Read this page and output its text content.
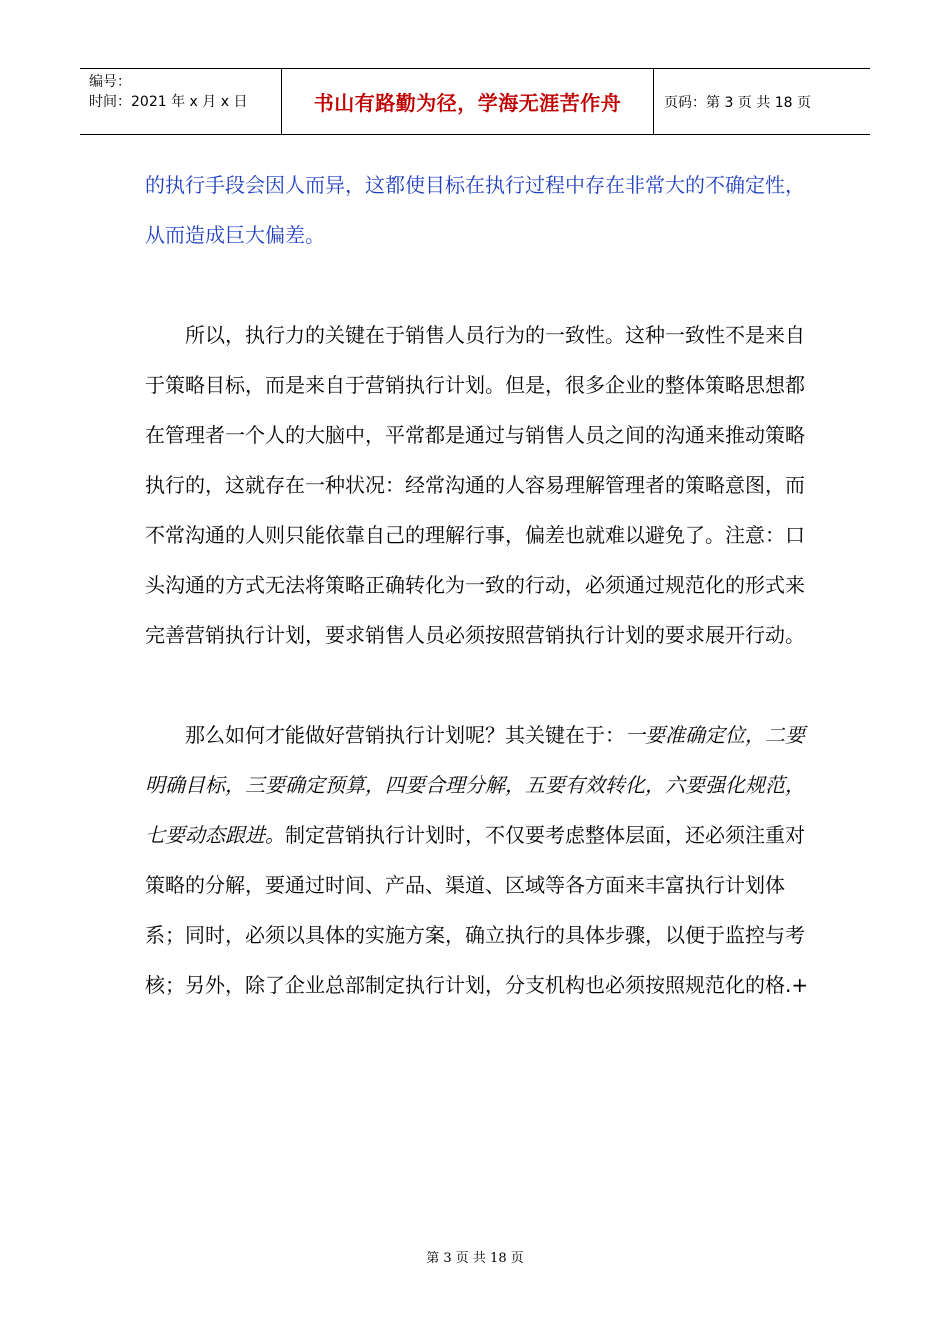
编号：
时间：2021 年 x 月 x 日	书山有路勤为径，学海无涯苦作舟	页码：第 3 页 共 18 页

的执行手段会因人而异，这都使目标在执行过程中存在非常大的不确定性，从而造成巨大偏差。

所以，执行力的关键在于销售人员行为的一致性。这种一致性不是来自于策略目标，而是来自于营销执行计划。但是，很多企业的整体策略思想都在管理者一个人的大脑中，平常都是通过与销售人员之间的沟通来推动策略执行的，这就存在一种状况：经常沟通的人容易理解管理者的策略意图，而不常沟通的人则只能依靠自己的理解行事，偏差也就难以避免了。注意：口头沟通的方式无法将策略正确转化为一致的行动，必须通过规范化的形式来完善营销执行计划，要求销售人员必须按照营销执行计划的要求展开行动。

那么如何才能做好营销执行计划呢？其关键在于：一要准确定位，二要明确目标，三要确定预算，四要合理分解，五要有效转化，六要强化规范，七要动态跟进。制定营销执行计划时，不仅要考虑整体层面，还必须注重对策略的分解，要通过时间、产品、渠道、区域等各方面来丰富执行计划体系；同时，必须以具体的实施方案，确立执行的具体步骤，以便于监控与考核；另外，除了企业总部制定执行计划，分支机构也必须按照规范化的格.+

第 3 页 共 18 页
